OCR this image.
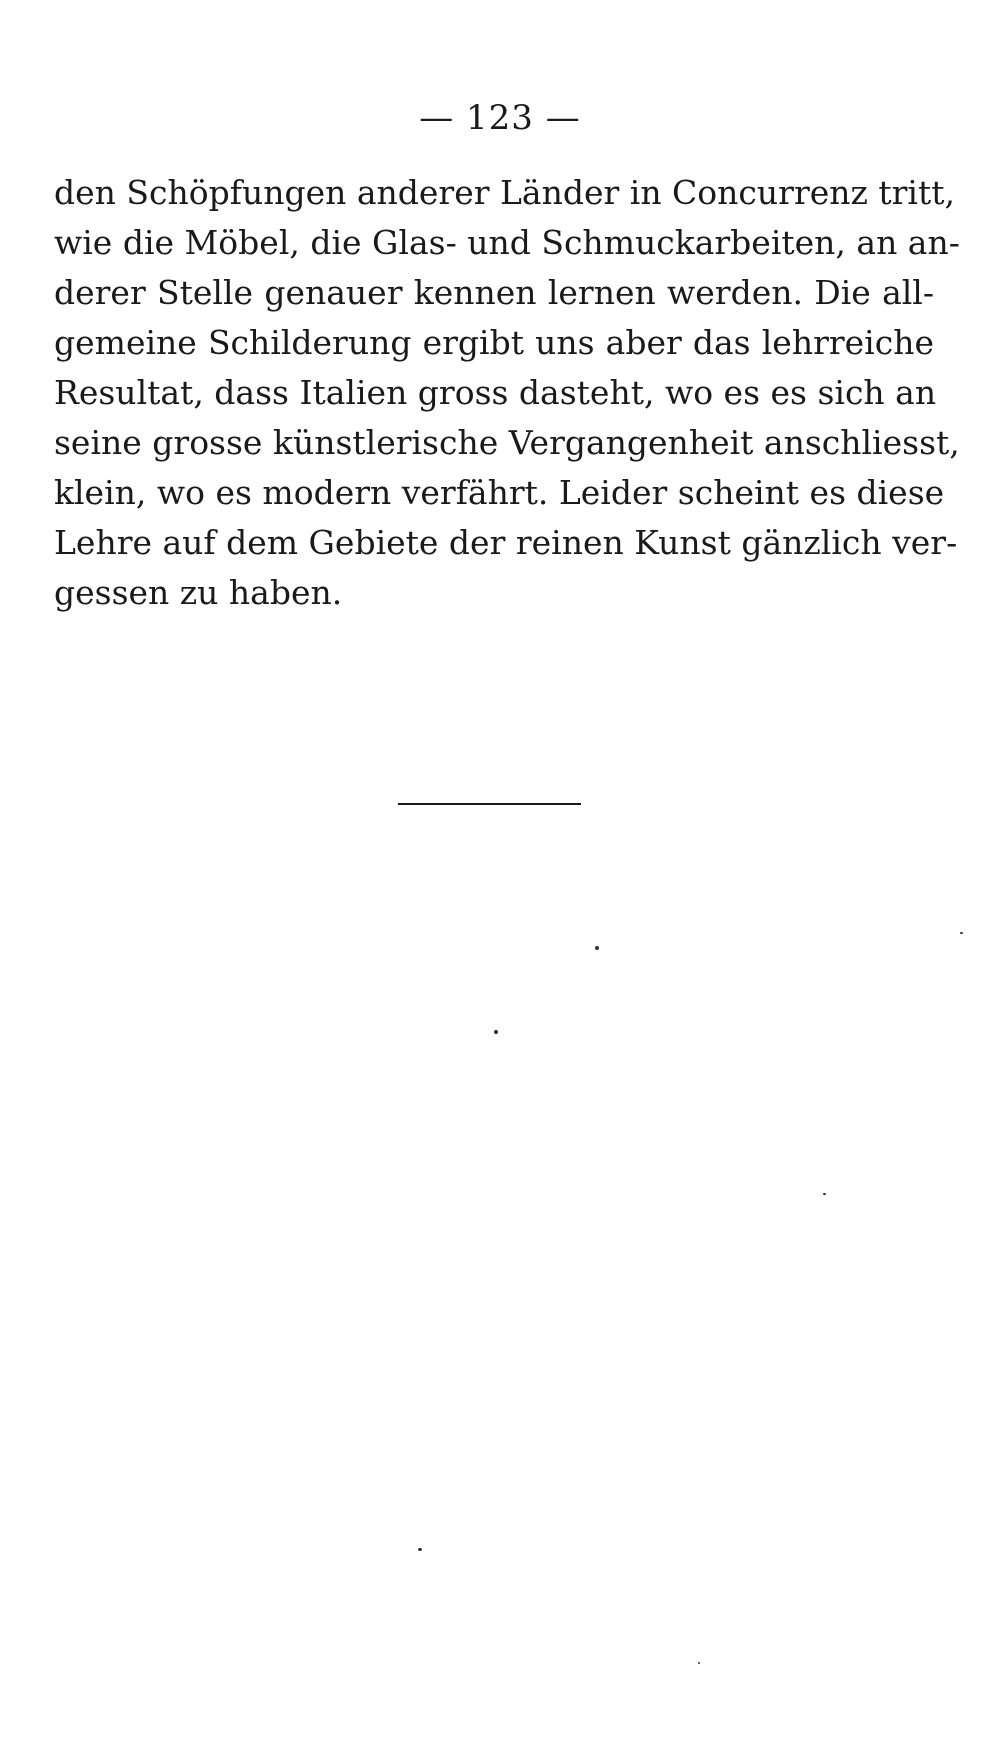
— 123 —
den Schöpfungen anderer Länder in Concurrenz tritt,
wie die Möbel, die Glas- und Schmuckarbeiten, an an-
derer Stelle genauer kennen lernen werden. Die all-
gemeine Schilderung ergibt uns aber das lehrreiche
Resultat, dass Italien gross dasteht, wo es es sich an
seine grosse künstlerische Vergangenheit anschliesst,
klein, wo es modern verfährt. Leider scheint es diese
Lehre auf dem Gebiete der reinen Kunst gänzlich ver-
gessen zu haben.
